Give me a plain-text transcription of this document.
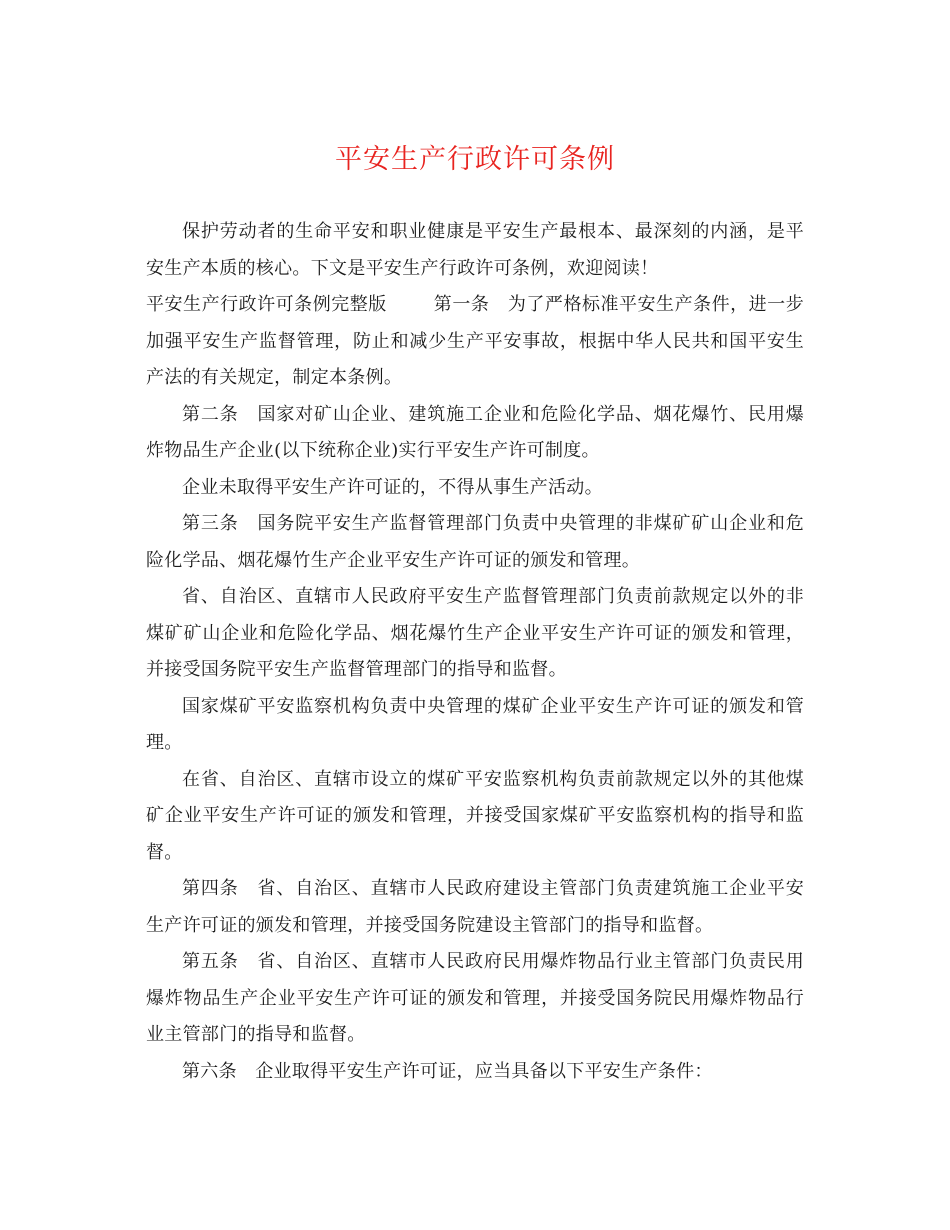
平安生产行政许可条例

保护劳动者的生命平安和职业健康是平安生产最根本、最深刻的内涵，是平安生产本质的核心。下文是平安生产行政许可条例，欢迎阅读！

平安生产行政许可条例完整版	第一条　为了严格标准平安生产条件，进一步加强平安生产监督管理，防止和减少生产平安事故，根据中华人民共和国平安生产法的有关规定，制定本条例。

第二条　国家对矿山企业、建筑施工企业和危险化学品、烟花爆竹、民用爆炸物品生产企业(以下统称企业)实行平安生产许可制度。

企业未取得平安生产许可证的，不得从事生产活动。

第三条　国务院平安生产监督管理部门负责中央管理的非煤矿矿山企业和危险化学品、烟花爆竹生产企业平安生产许可证的颁发和管理。

省、自治区、直辖市人民政府平安生产监督管理部门负责前款规定以外的非煤矿矿山企业和危险化学品、烟花爆竹生产企业平安生产许可证的颁发和管理，并接受国务院平安生产监督管理部门的指导和监督。

国家煤矿平安监察机构负责中央管理的煤矿企业平安生产许可证的颁发和管理。

在省、自治区、直辖市设立的煤矿平安监察机构负责前款规定以外的其他煤矿企业平安生产许可证的颁发和管理，并接受国家煤矿平安监察机构的指导和监督。

第四条　省、自治区、直辖市人民政府建设主管部门负责建筑施工企业平安生产许可证的颁发和管理，并接受国务院建设主管部门的指导和监督。

第五条　省、自治区、直辖市人民政府民用爆炸物品行业主管部门负责民用爆炸物品生产企业平安生产许可证的颁发和管理，并接受国务院民用爆炸物品行业主管部门的指导和监督。

第六条　企业取得平安生产许可证，应当具备以下平安生产条件：
